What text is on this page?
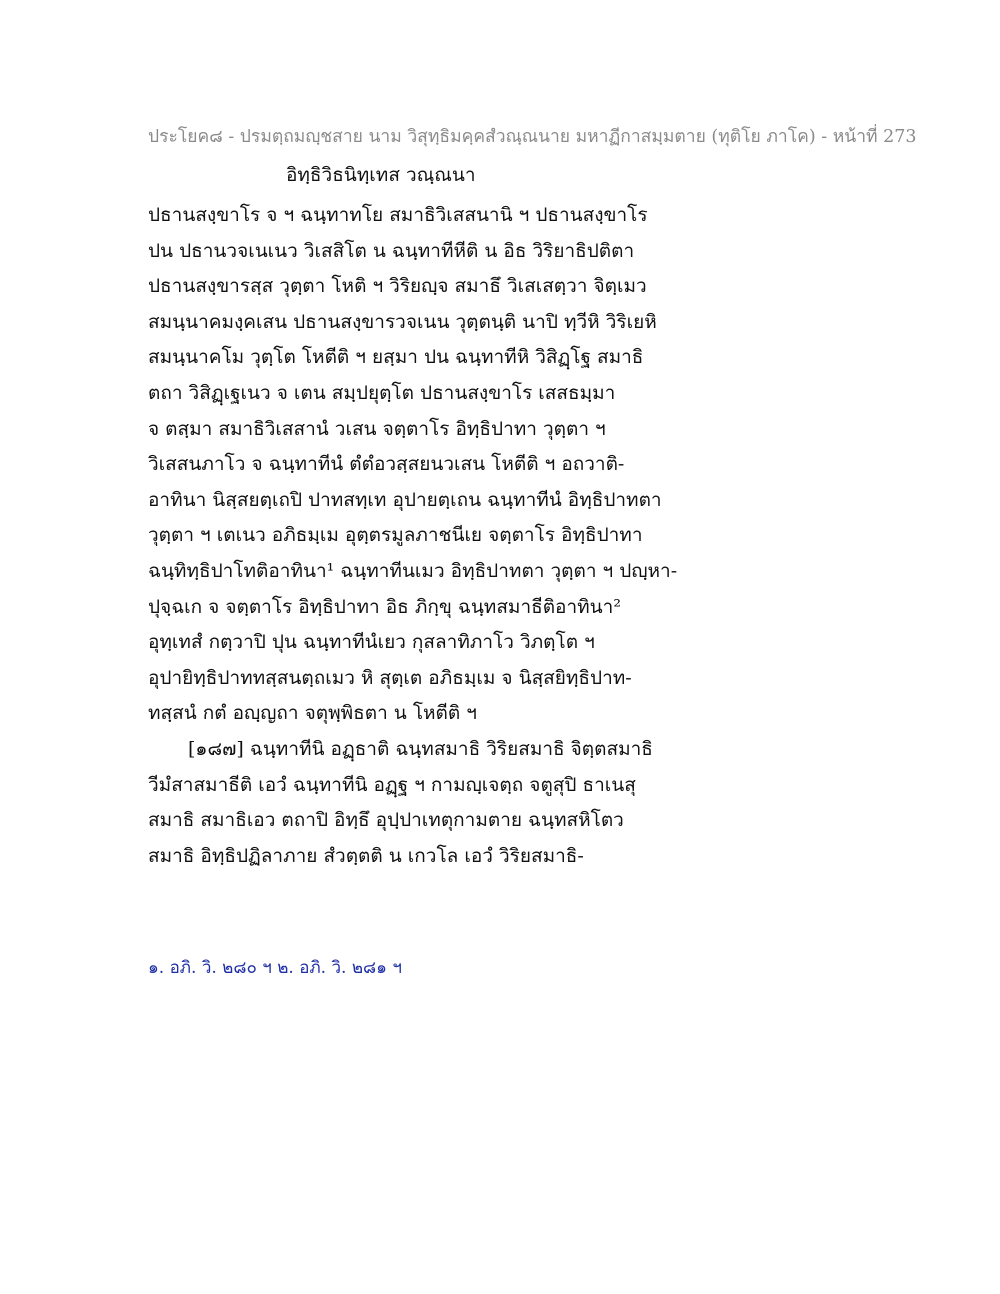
ประโยค๘ - ปรมตฺถมญฺชสาย นาม วิสุทฺธิมคฺคสํวณฺณนาย มหาฏีกาสมฺมตาย (ทุติโย ภาโค) - หน้าที่ 273
อิทฺธิวิธนิทฺเทส วณฺณนา
ปธานสงฺขาโร จ ฯ ฉนฺทาทโย สมาธิวิเสสนานิ ฯ ปธานสงฺขาโร
ปน ปธานวจเนเนว วิเสสิโต น ฉนฺทาทีหีติ น อิธ วิริยาธิปติตา
ปธานสงฺขารสฺส วุตฺตา โหติ ฯ วิริยญฺจ สมาธึ วิเสเสตฺวา จิตฺเมว
สมนฺนาคมงฺคเสน ปธานสงฺขารวจเนน วุตฺตนฺติ นาปิ ทฺวีหิ วิริเยหิ
สมนฺนาคโม วุตฺโต โหตีติ ฯ ยสฺมา ปน ฉนฺทาทีหิ วิสิฏฺโฐ สมาธิ
ตถา วิสิฏฺเฐเนว จ เตน สมฺปยุตฺโต ปธานสงฺขาโร เสสธมฺมา
จ ตสฺมา สมาธิวิเสสานํ วเสน จตฺตาโร อิทฺธิปาทา วุตฺตา ฯ
วิเสสนภาโว จ ฉนฺทาทีนํ ตํตํอวสฺสยนวเสน โหตีติ ฯ อถวาติ-
อาทินา นิสฺสยตฺเถปิ ปาทสทฺเท อุปายตฺเถน ฉนฺทาทีนํ อิทฺธิปาทตา
วุตฺตา ฯ เตเนว อภิธมฺเม อุตฺตรมูลภาชนีเย จตฺตาโร อิทฺธิปาทา
ฉนฺทิทฺธิปาโทติอาทินา¹ ฉนฺทาทีนเมว อิทฺธิปาทตา วุตฺตา ฯ ปญฺหา-
ปุจฺฉเก จ จตฺตาโร อิทฺธิปาทา อิธ ภิกฺขุ ฉนฺทสมาธีติอาทินา²
อุทฺเทสํ กตฺวาปิ ปุน ฉนฺทาทีนํเยว กุสลาทิภาโว วิภตฺโต ฯ
อุปายิทฺธิปาททสฺสนตฺถเมว หิ สุตฺเต อภิธมฺเม จ นิสฺสยิทฺธิปาท-
ทสฺสนํ กตํ อญฺญถา จตุพฺพิธตา น โหตีติ ฯ
[๑๘๗] ฉนฺทาทีนิ อฏฺธาติ ฉนฺทสมาธิ วิริยสมาธิ จิตฺตสมาธิ
วีมํสาสมาธีติ เอวํ ฉนฺทาทีนิ อฏฺฐ ฯ กามญฺเจตฺถ จตูสุปิ ธาเนสุ
สมาธิ สมาธิเอว ตถาปิ อิทฺธึ อุปฺปาเทตุกามตาย ฉนฺทสหิโตว
สมาธิ อิทฺธิปฏิลาภาย สํวตฺตติ น เกวโล เอวํ วิริยสมาธิ-
๑. อภิ. วิ. ๒๘๐ ฯ ๒. อภิ. วิ. ๒๘๑ ฯ
